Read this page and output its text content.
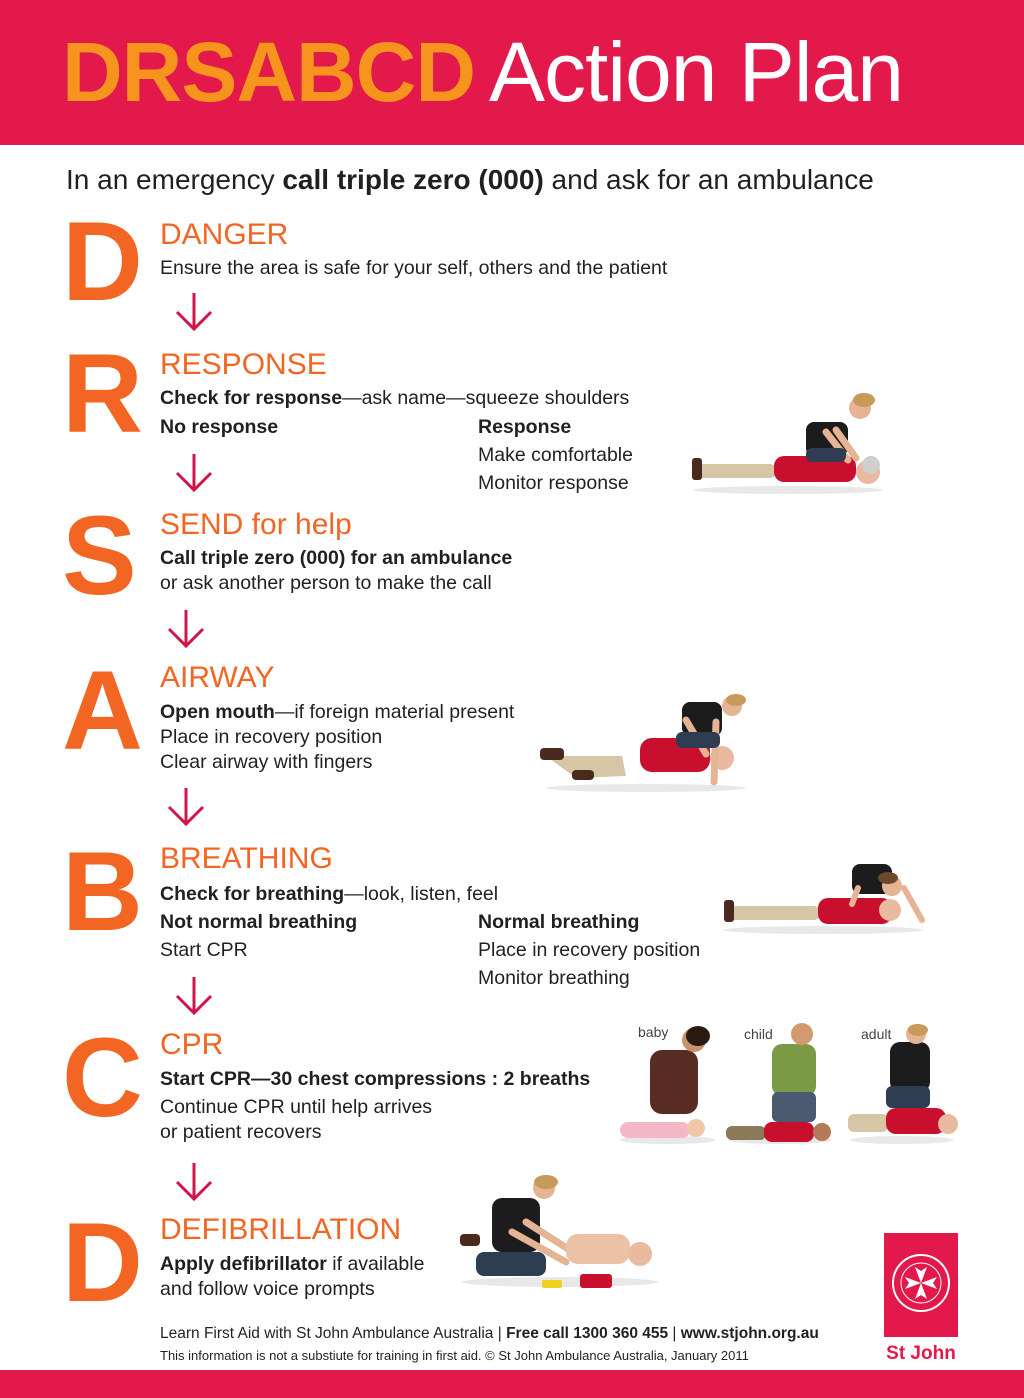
DRSABCD Action Plan
In an emergency call triple zero (000) and ask for an ambulance
D DANGER
Ensure the area is safe for your self, others and the patient
R RESPONSE
Check for response—ask name—squeeze shoulders
No response	Response
Make comfortable
Monitor response
S SEND for help
Call triple zero (000) for an ambulance
or ask another person to make the call
A AIRWAY
Open mouth—if foreign material present
Place in recovery position
Clear airway with fingers
B BREATHING
Check for breathing—look, listen, feel
Not normal breathing
Start CPR
Normal breathing
Place in recovery position
Monitor breathing
C CPR
Start CPR—30 chest compressions : 2 breaths
Continue CPR until help arrives
or patient recovers
baby	child	adult
D DEFIBRILLATION
Apply defibrillator if available
and follow voice prompts
Learn First Aid with St John Ambulance Australia | Free call 1300 360 455 | www.stjohn.org.au
This information is not a substiute for training in first aid. © St John Ambulance Australia, January 2011	St John
